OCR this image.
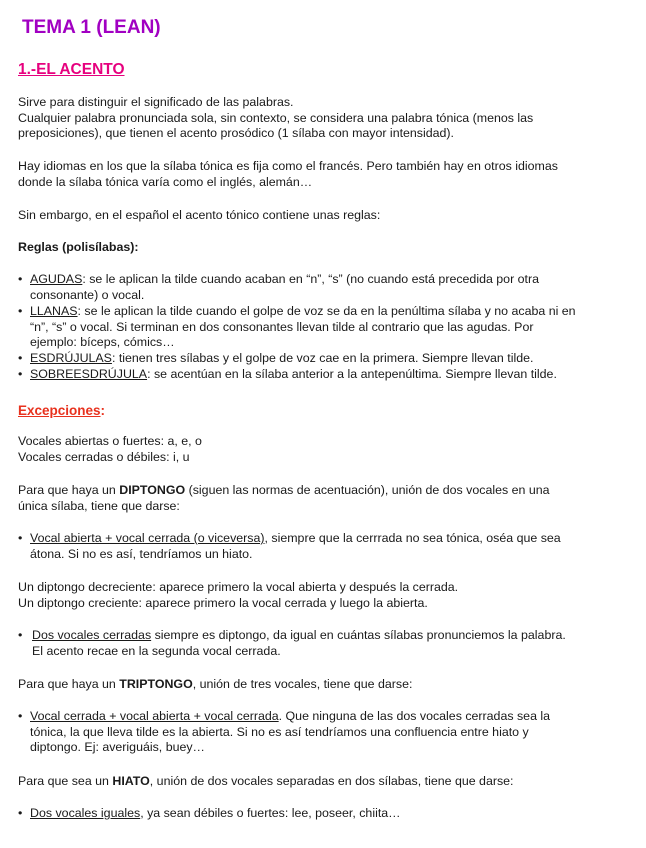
TEMA 1 (LEAN)
1.-EL ACENTO
Sirve para distinguir el significado de las palabras.
Cualquier palabra pronunciada sola, sin contexto, se considera una palabra tónica (menos las
preposiciones), que tienen el acento prosódico (1 sílaba con mayor intensidad).
Hay idiomas en los que la sílaba tónica es fija como el francés. Pero también hay en otros idiomas
donde la sílaba tónica varía como el inglés, alemán…
Sin embargo, en el español el acento tónico contiene unas reglas:
Reglas (polisílabas):
• AGUDAS: se le aplican la tilde cuando acaban en “n”, “s” (no cuando está precedida por otra
consonante) o vocal.
• LLANAS: se le aplican la tilde cuando el golpe de voz se da en la penúltima sílaba y no acaba ni en
“n”, “s” o vocal. Si terminan en dos consonantes llevan tilde al contrario que las agudas. Por
ejemplo: bíceps, cómics…
• ESDRÚJULAS: tienen tres sílabas y el golpe de voz cae en la primera. Siempre llevan tilde.
• SOBREESDRÚJULA: se acentúan en la sílaba anterior a la antepenúltima. Siempre llevan tilde.
Excepciones:
Vocales abiertas o fuertes: a, e, o
Vocales cerradas o débiles: i, u
Para que haya un DIPTONGO (siguen las normas de acentuación), unión de dos vocales en una
única sílaba, tiene que darse:
• Vocal abierta + vocal cerrada (o viceversa), siempre que la cerrrada no sea tónica, oséa que sea
átona. Si no es así, tendríamos un hiato.
Un diptongo decreciente: aparece primero la vocal abierta y después la cerrada.
Un diptongo creciente: aparece primero la vocal cerrada y luego la abierta.
• Dos vocales cerradas siempre es diptongo, da igual en cuántas sílabas pronunciemos la palabra.
El acento recae en la segunda vocal cerrada.
Para que haya un TRIPTONGO, unión de tres vocales, tiene que darse:
• Vocal cerrada + vocal abierta + vocal cerrada. Que ninguna de las dos vocales cerradas sea la
tónica, la que lleva tilde es la abierta. Si no es así tendríamos una confluencia entre hiato y
diptongo. Ej: averiguáis, buey…
Para que sea un HIATO, unión de dos vocales separadas en dos sílabas, tiene que darse:
• Dos vocales iguales, ya sean débiles o fuertes: lee, poseer, chiita…
